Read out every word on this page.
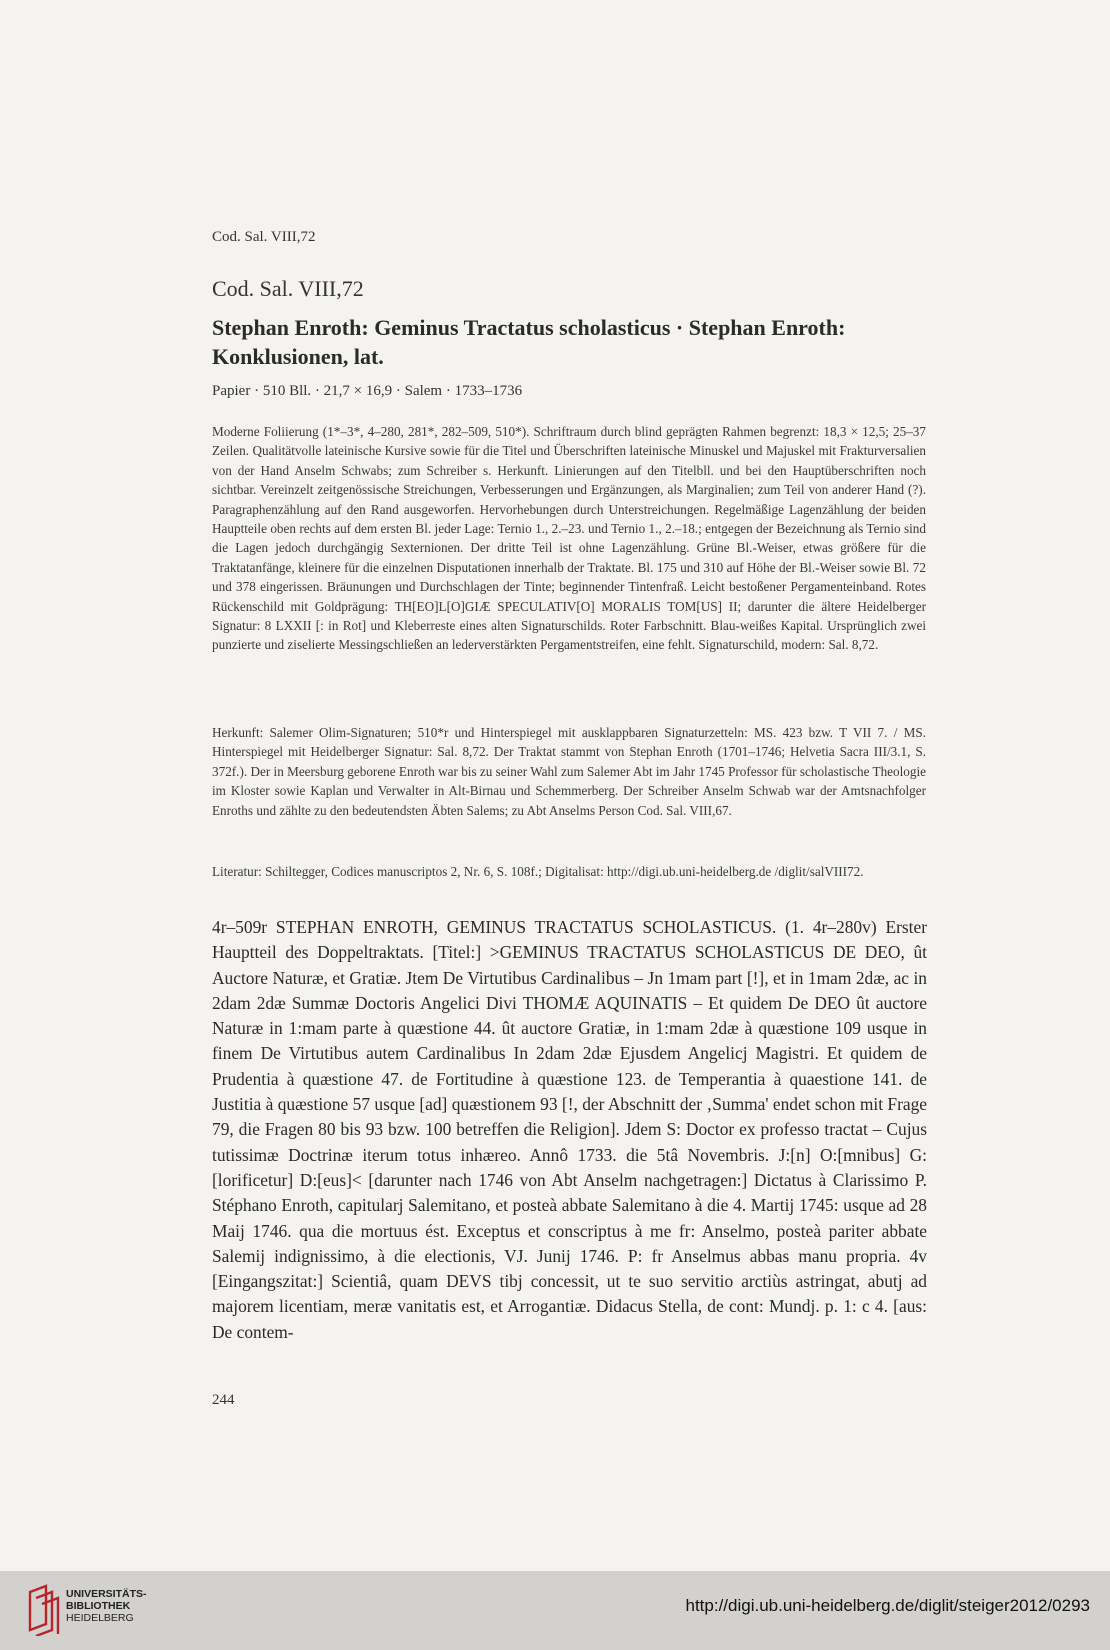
Cod. Sal. VIII,72
Cod. Sal. VIII,72
Stephan Enroth: Geminus Tractatus scholasticus · Stephan Enroth: Konklusionen, lat.
Papier · 510 Bll. · 21,7 × 16,9 · Salem · 1733–1736
Moderne Foliierung (1*–3*, 4–280, 281*, 282–509, 510*). Schriftraum durch blind geprägten Rahmen begrenzt: 18,3 × 12,5; 25–37 Zeilen. Qualitätvolle lateinische Kursive sowie für die Titel und Überschriften lateinische Minuskel und Majuskel mit Frakturversalien von der Hand Anselm Schwabs; zum Schreiber s. Herkunft. Linierungen auf den Titelbll. und bei den Hauptüberschriften noch sichtbar. Vereinzelt zeitgenössische Streichungen, Verbesserungen und Ergänzungen, als Marginalien; zum Teil von anderer Hand (?). Paragraphenzählung auf den Rand ausgeworfen. Hervorhebungen durch Unterstreichungen. Regelmäßige Lagenzählung der beiden Hauptteile oben rechts auf dem ersten Bl. jeder Lage: Ternio 1., 2.–23. und Ternio 1., 2.–18.; entgegen der Bezeichnung als Ternio sind die Lagen jedoch durchgängig Sexternionen. Der dritte Teil ist ohne Lagenzählung. Grüne Bl.-Weiser, etwas größere für die Traktatanfänge, kleinere für die einzelnen Disputationen innerhalb der Traktate. Bl. 175 und 310 auf Höhe der Bl.-Weiser sowie Bl. 72 und 378 eingerissen. Bräunungen und Durchschlagen der Tinte; beginnender Tintenfraß. Leicht bestoßener Pergamenteinband. Rotes Rückenschild mit Goldprägung: TH[EO]L[O]GIÆ SPECULATIV[O] MORALIS TOM[US] II; darunter die ältere Heidelberger Signatur: 8 LXXII [: in Rot] und Kleberreste eines alten Signaturschilds. Roter Farbschnitt. Blau-weißes Kapital. Ursprünglich zwei punzierte und ziselierte Messingschließen an lederverstärkten Pergamentstreifen, eine fehlt. Signaturschild, modern: Sal. 8,72.
Herkunft: Salemer Olim-Signaturen; 510*r und Hinterspiegel mit ausklappbaren Signaturzetteln: MS. 423 bzw. T VII 7. / MS. Hinterspiegel mit Heidelberger Signatur: Sal. 8,72. Der Traktat stammt von Stephan Enroth (1701–1746; Helvetia Sacra III/3.1, S. 372f.). Der in Meersburg geborene Enroth war bis zu seiner Wahl zum Salemer Abt im Jahr 1745 Professor für scholastische Theologie im Kloster sowie Kaplan und Verwalter in Alt-Birnau und Schemmerberg. Der Schreiber Anselm Schwab war der Amtsnachfolger Enroths und zählte zu den bedeutendsten Äbten Salems; zu Abt Anselms Person Cod. Sal. VIII,67.
Literatur: Schiltegger, Codices manuscriptos 2, Nr. 6, S. 108f.; Digitalisat: http://digi.ub.uni-heidelberg.de /diglit/salVIII72.
4r–509r STEPHAN ENROTH, GEMINUS TRACTATUS SCHOLASTICUS. (1. 4r–280v) Erster Hauptteil des Doppeltraktats. [Titel:] >GEMINUS TRACTATUS SCHOLASTICUS DE DEO, ût Auctore Naturæ, et Gratiæ. Jtem De Virtutibus Cardinalibus – Jn 1mam part [!], et in 1mam 2dæ, ac in 2dam 2dæ Summæ Doctoris Angelici Divi THOMÆ AQUINATIS – Et quidem De DEO ût auctore Naturæ in 1:mam parte à quæstione 44. ût auctore Gratiæ, in 1:mam 2dæ à quæstione 109 usque in finem De Virtutibus autem Cardinalibus In 2dam 2dæ Ejusdem Angelicj Magistri. Et quidem de Prudentia à quæstione 47. de Fortitudine à quæstione 123. de Temperantia à quaestione 141. de Justitia à quæstione 57 usque [ad] quæstionem 93 [!, der Abschnitt der ‚Summa' endet schon mit Frage 79, die Fragen 80 bis 93 bzw. 100 betreffen die Religion]. Jdem S: Doctor ex professo tractat – Cujus tutissimæ Doctrinæ iterum totus inhæreo. Annô 1733. die 5tâ Novembris. J:[n] O:[mnibus] G:[lorificetur] D:[eus]< [darunter nach 1746 von Abt Anselm nachgetragen:] Dictatus à Clarissimo P. Stéphano Enroth, capitularj Salemitano, et posteà abbate Salemitano à die 4. Martij 1745: usque ad 28 Maij 1746. qua die mortuus ést. Exceptus et conscriptus à me fr: Anselmo, posteà pariter abbate Salemij indignissimo, à die electionis, VJ. Junij 1746. P: fr Anselmus abbas manu propria. 4v [Eingangszitat:] Scientiâ, quam DEVS tibj concessit, ut te suo servitio arctiùs astringat, abutj ad majorem licentiam, meræ vanitatis est, et Arrogantiæ. Didacus Stella, de cont: Mundj. p. 1: c 4. [aus: De contem-
244
UNIVERSITÄTS-
BIBLIOTHEK
HEIDELBERG
http://digi.ub.uni-heidelberg.de/diglit/steiger2012/0293
